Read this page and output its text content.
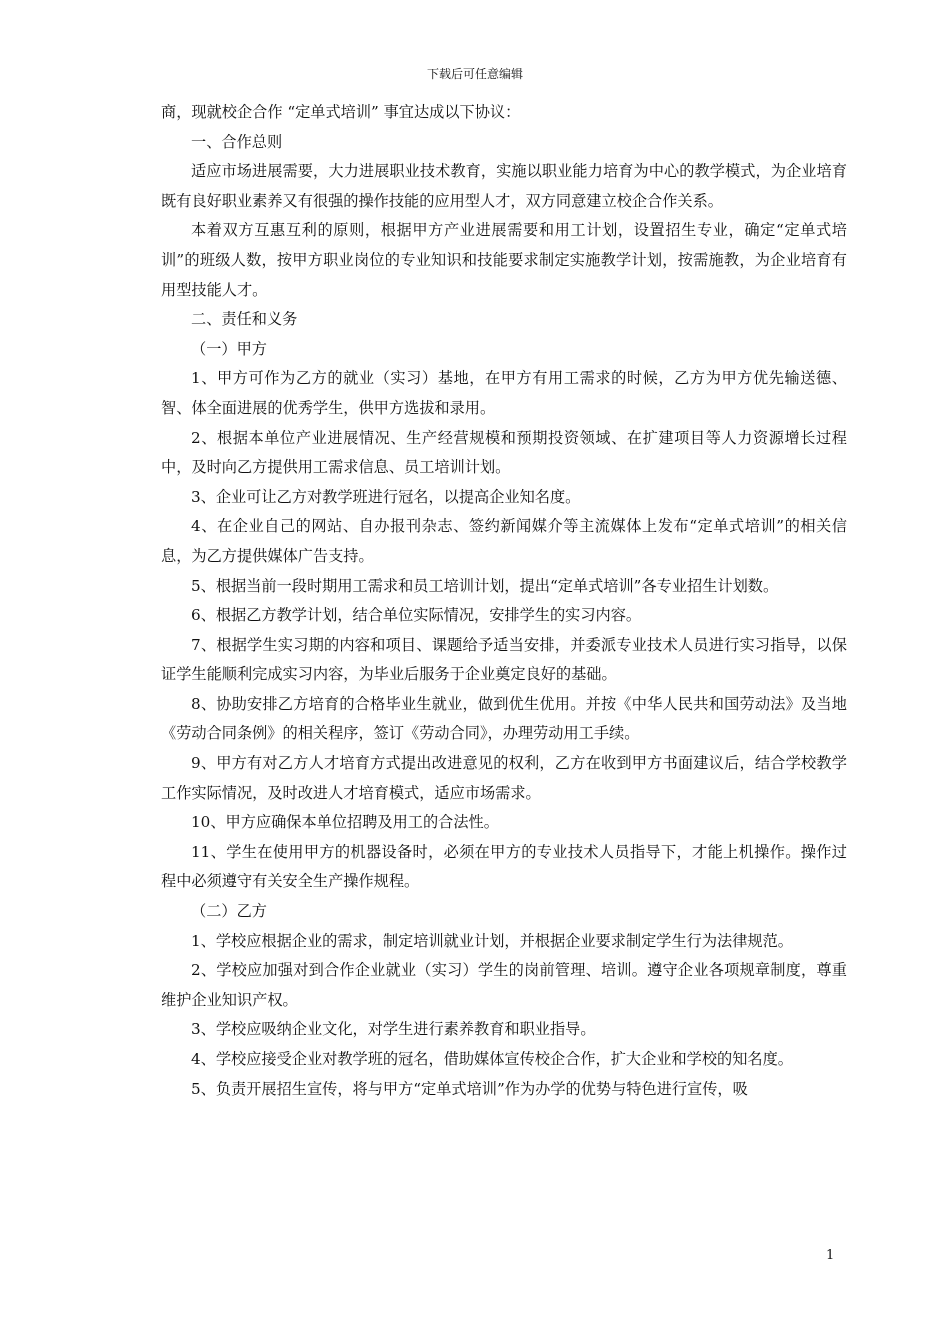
下载后可任意编辑

商，现就校企合作 “定单式培训” 事宜达成以下协议：

一、合作总则

适应市场进展需要，大力进展职业技术教育，实施以职业能力培育为中心的教学模式，为企业培育既有良好职业素养又有很强的操作技能的应用型人才，双方同意建立校企合作关系。

本着双方互惠互利的原则，根据甲方产业进展需要和用工计划，设置招生专业，确定“定单式培训”的班级人数，按甲方职业岗位的专业知识和技能要求制定实施教学计划，按需施教，为企业培育有用型技能人才。

二、责任和义务

（一）甲方

1、甲方可作为乙方的就业（实习）基地，在甲方有用工需求的时候，乙方为甲方优先输送德、智、体全面进展的优秀学生，供甲方选拔和录用。

2、根据本单位产业进展情况、生产经营规模和预期投资领域、在扩建项目等人力资源增长过程中，及时向乙方提供用工需求信息、员工培训计划。

3、企业可让乙方对教学班进行冠名，以提高企业知名度。

4、在企业自己的网站、自办报刊杂志、签约新闻媒介等主流媒体上发布“定单式培训”的相关信息，为乙方提供媒体广告支持。

5、根据当前一段时期用工需求和员工培训计划，提出“定单式培训”各专业招生计划数。

6、根据乙方教学计划，结合单位实际情况，安排学生的实习内容。

7、根据学生实习期的内容和项目、课题给予适当安排，并委派专业技术人员进行实习指导，以保证学生能顺利完成实习内容，为毕业后服务于企业奠定良好的基础。

8、协助安排乙方培育的合格毕业生就业，做到优生优用。并按《中华人民共和国劳动法》及当地《劳动合同条例》的相关程序，签订《劳动合同》，办理劳动用工手续。

9、甲方有对乙方人才培育方式提出改进意见的权利，乙方在收到甲方书面建议后，结合学校教学工作实际情况，及时改进人才培育模式，适应市场需求。

10、甲方应确保本单位招聘及用工的合法性。

11、学生在使用甲方的机器设备时，必须在甲方的专业技术人员指导下，才能上机操作。操作过程中必须遵守有关安全生产操作规程。

（二）乙方

1、学校应根据企业的需求，制定培训就业计划，并根据企业要求制定学生行为法律规范。

2、学校应加强对到合作企业就业（实习）学生的岗前管理、培训。遵守企业各项规章制度，尊重维护企业知识产权。

3、学校应吸纳企业文化，对学生进行素养教育和职业指导。

4、学校应接受企业对教学班的冠名，借助媒体宣传校企合作，扩大企业和学校的知名度。

5、负责开展招生宣传，将与甲方“定单式培训”作为办学的优势与特色进行宣传，吸

1
